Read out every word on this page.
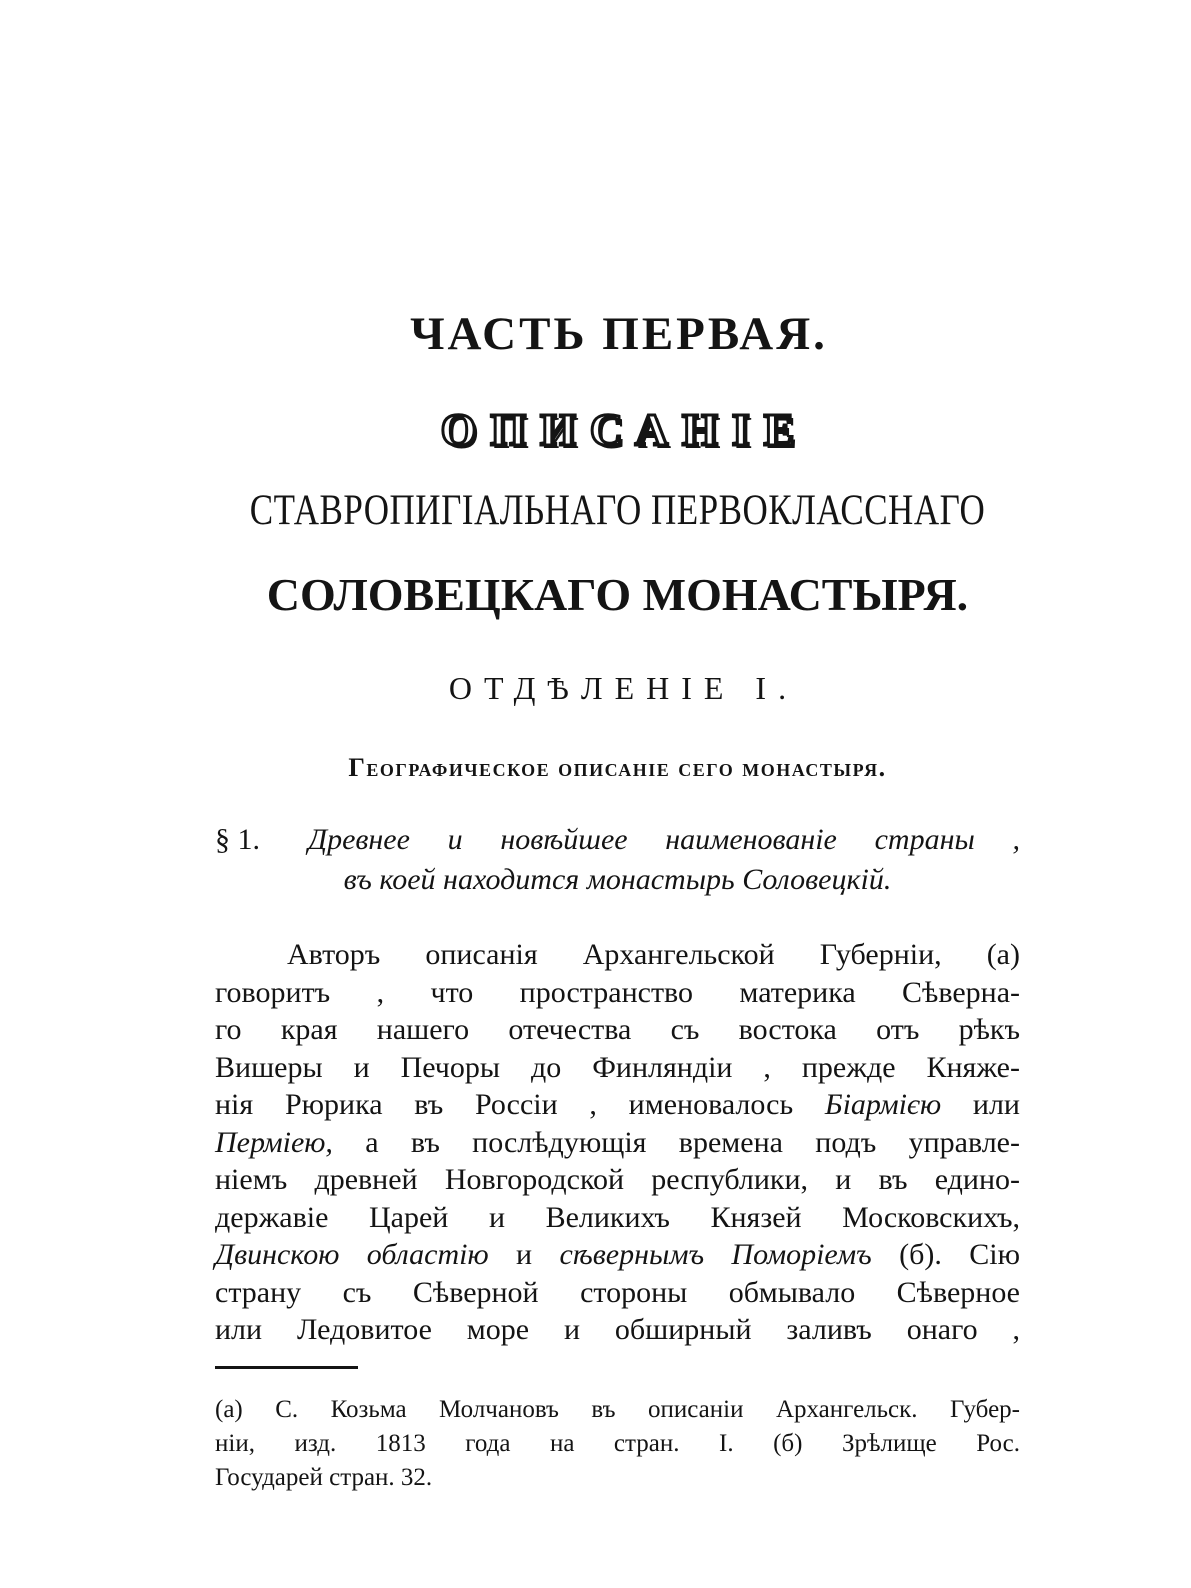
ЧАСТЬ ПЕРВАЯ.
ОПИСАНІЕ
СТАВРОПИГІАЛЬНАГО ПЕРВОКЛАССНАГО
СОЛОВЕЦКАГО МОНАСТЫРЯ.
ОТДѢЛЕНІЕ І.
Географическое описаніе сего монастыря.
§ 1. Древнее и новѣйшее наименованіе страны ,
въ коей находится монастырь Соловецкій.
Авторъ описанія Архангельской Губерніи, (а)
говоритъ , что пространство материка Сѣверна-
го края нашего отечества съ востока отъ рѣкъ
Вишеры и Печоры до Финляндіи , прежде Княже-
нія Рюрика въ Россіи , именовалось Біармією или
Перміею, а въ послѣдующія времена подъ управле-
ніемъ древней Новгородской республики, и въ едино-
державіе Царей и Великихъ Князей Московскихъ,
Двинскою областію и сѣвернымъ Поморіемъ (б). Сію
страну съ Сѣверной стороны обмывало Сѣверное
или Ледовитое море и обширный заливъ онаго ,
(а) С. Козьма Молчановъ въ описаніи Архангельск. Губер-
ніи, изд. 1813 года на стран. І. (б) Зрѣлище Рос.
Государей стран. 32.
